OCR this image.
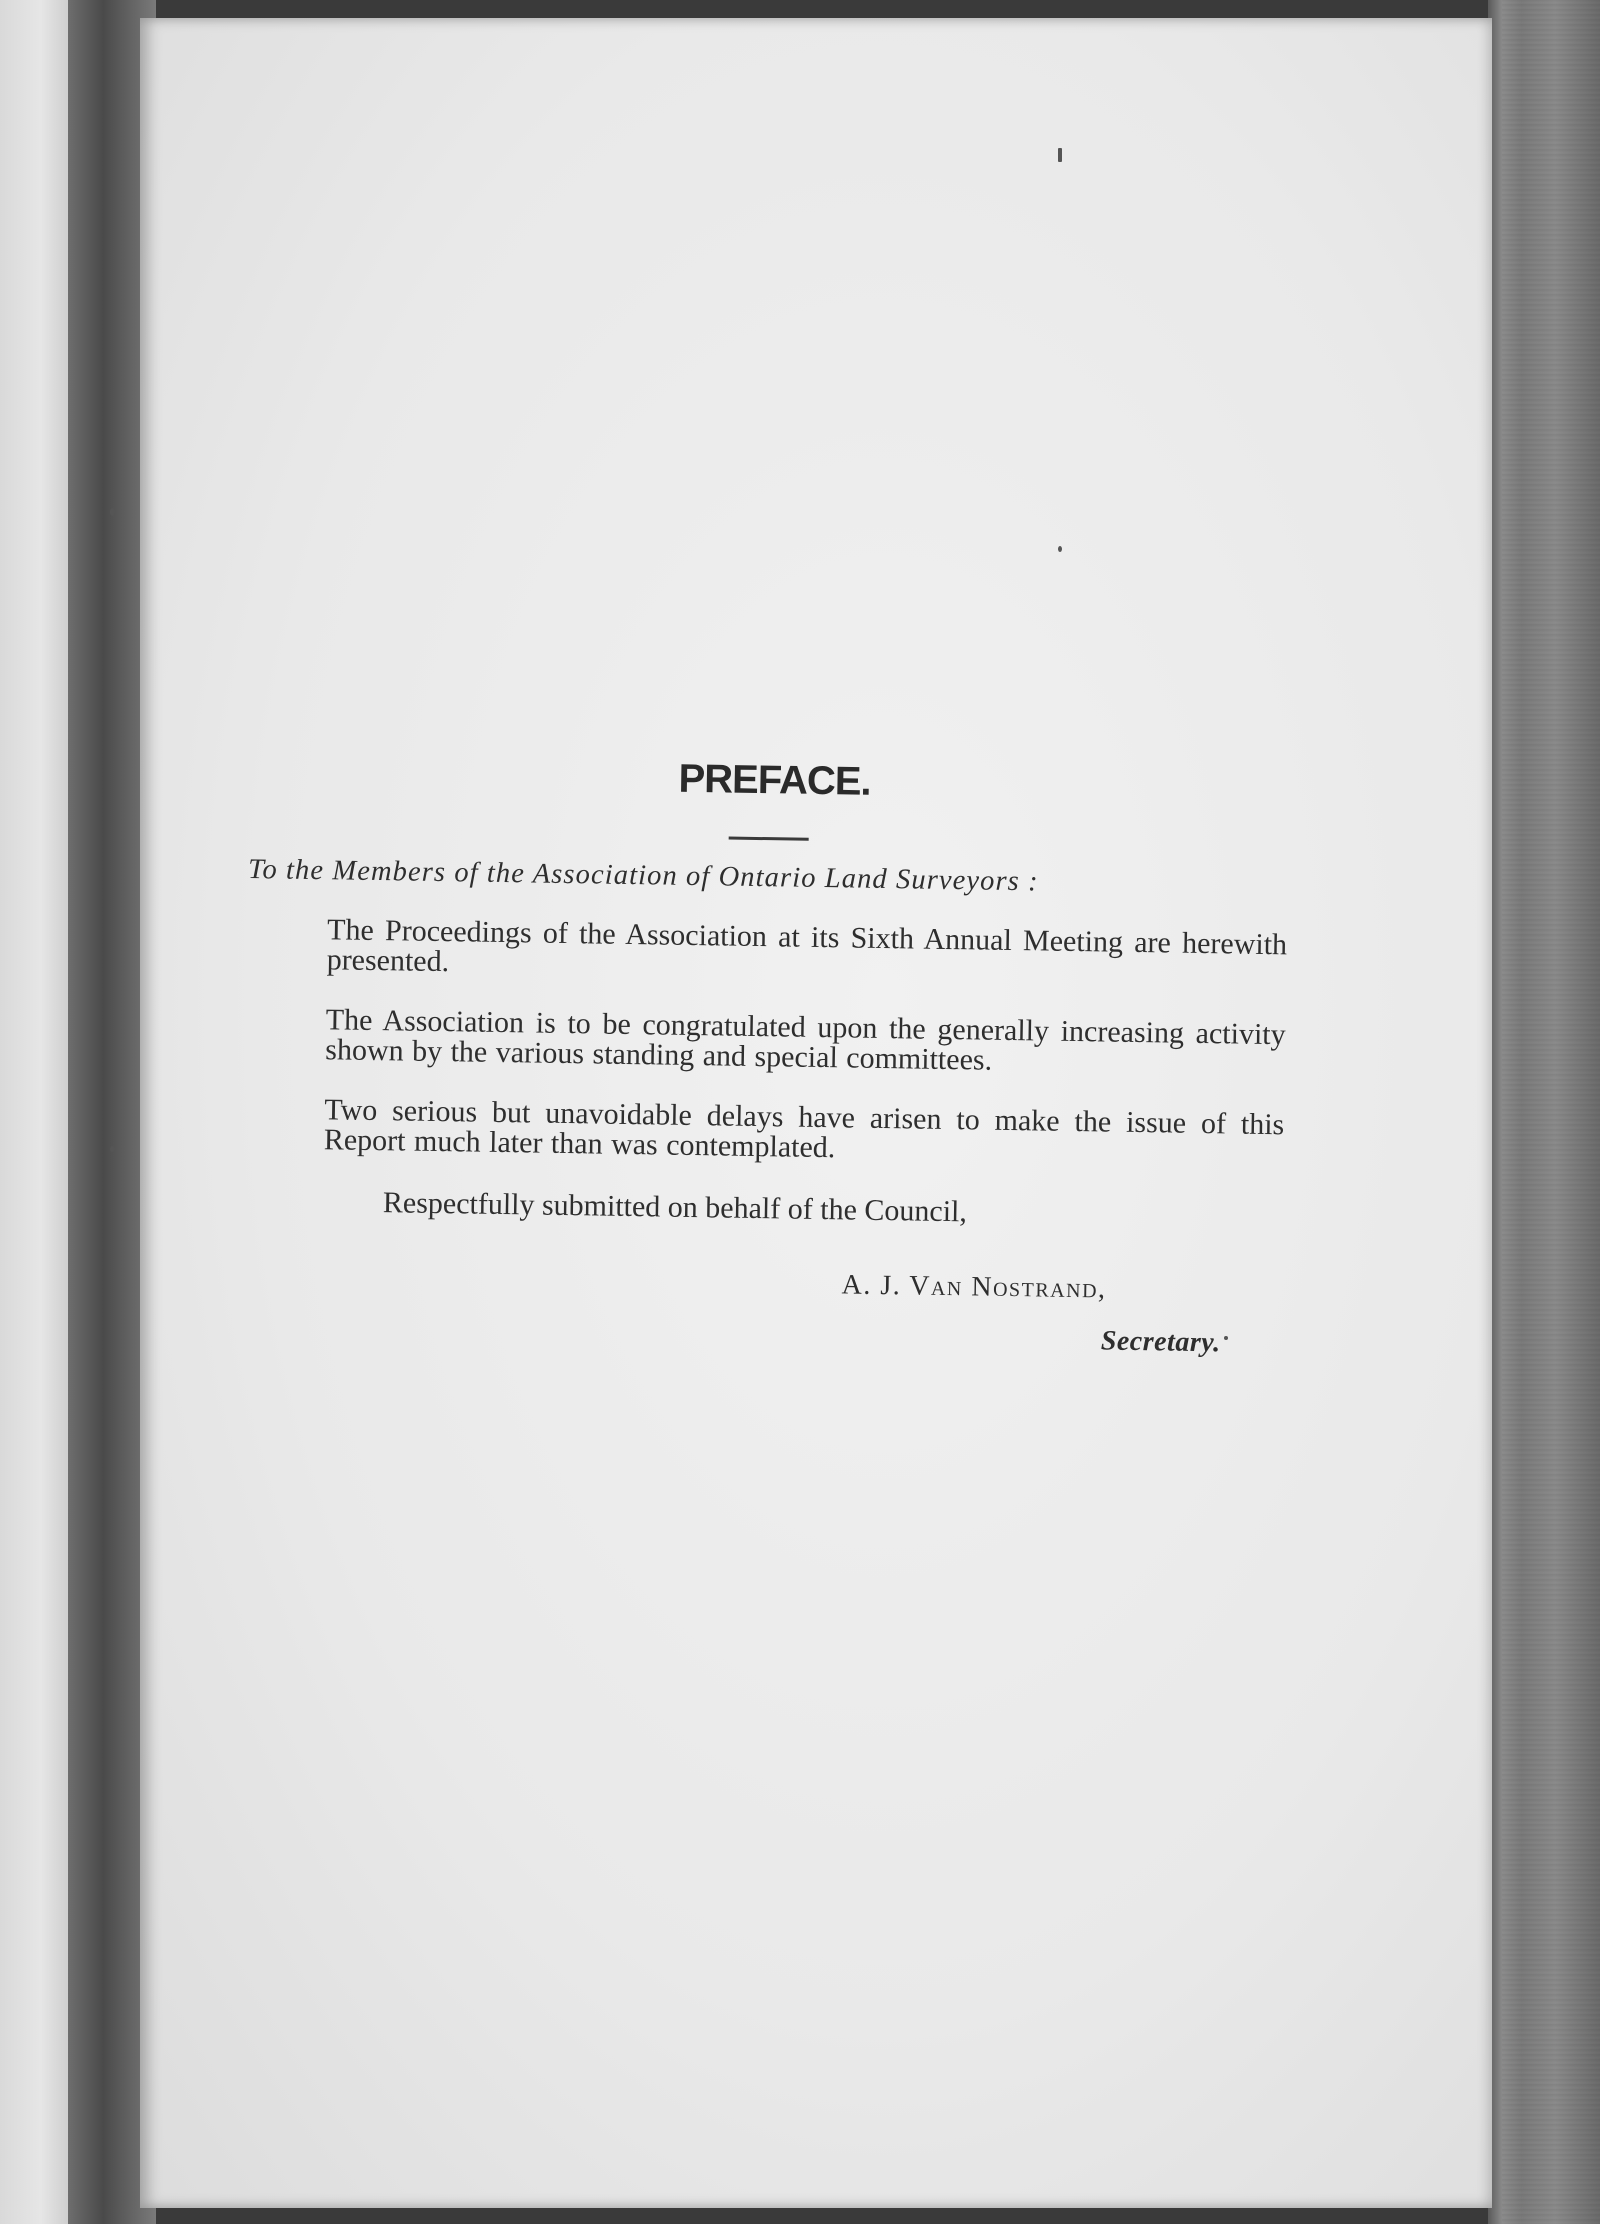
PREFACE.
To the Members of the Association of Ontario Land Surveyors :
The Proceedings of the Association at its Sixth Annual Meeting are herewith presented.
The Association is to be congratulated upon the generally increasing activity shown by the various standing and special committees.
Two serious but unavoidable delays have arisen to make the issue of this Report much later than was contemplated.
Respectfully submitted on behalf of the Council,
A. J. Van Nostrand,
Secretary.
